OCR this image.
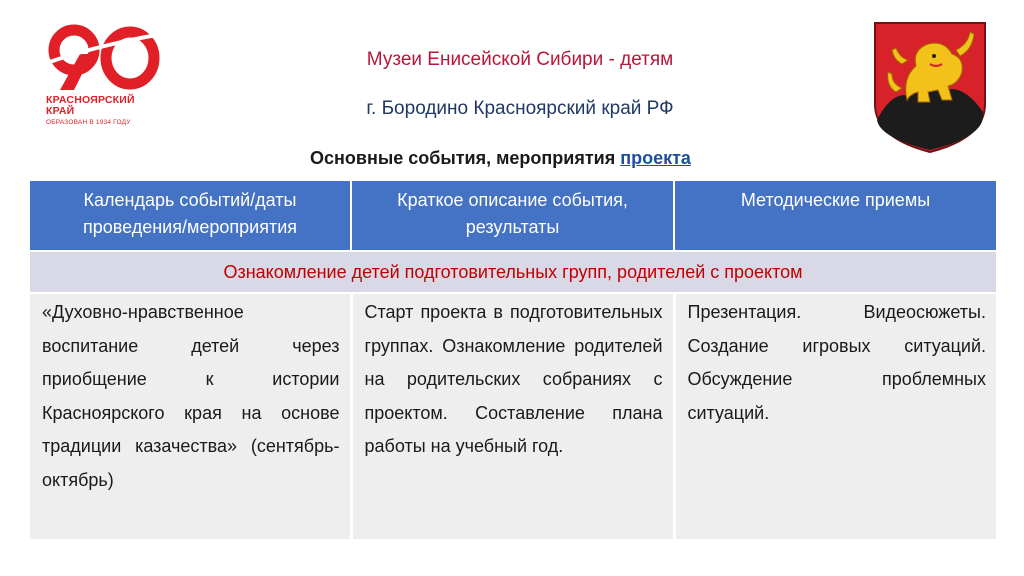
КРАСНОЯРСКИЙ
КРАЙ
ОБРАЗОВАН В 1934 ГОДУ
Музеи Енисейской Сибири - детям
г. Бородино Красноярский край РФ
Основные события, мероприятия проекта
Календарь событий/даты проведения/мероприятия	Краткое описание события, результаты	Методические приемы
Ознакомление детей подготовительных групп, родителей с проектом		
«Духовно-нравственное воспитание детей через приобщение к истории Красноярского края на основе традиции казачества» (сентябрь-октябрь)	Старт проекта в подготовительных группах. Ознакомление родителей на родительских собраниях с проектом. Составление плана работы на учебный год.	Презентация. Видеосюжеты. Создание игровых ситуаций. Обсуждение проблемных ситуаций.
